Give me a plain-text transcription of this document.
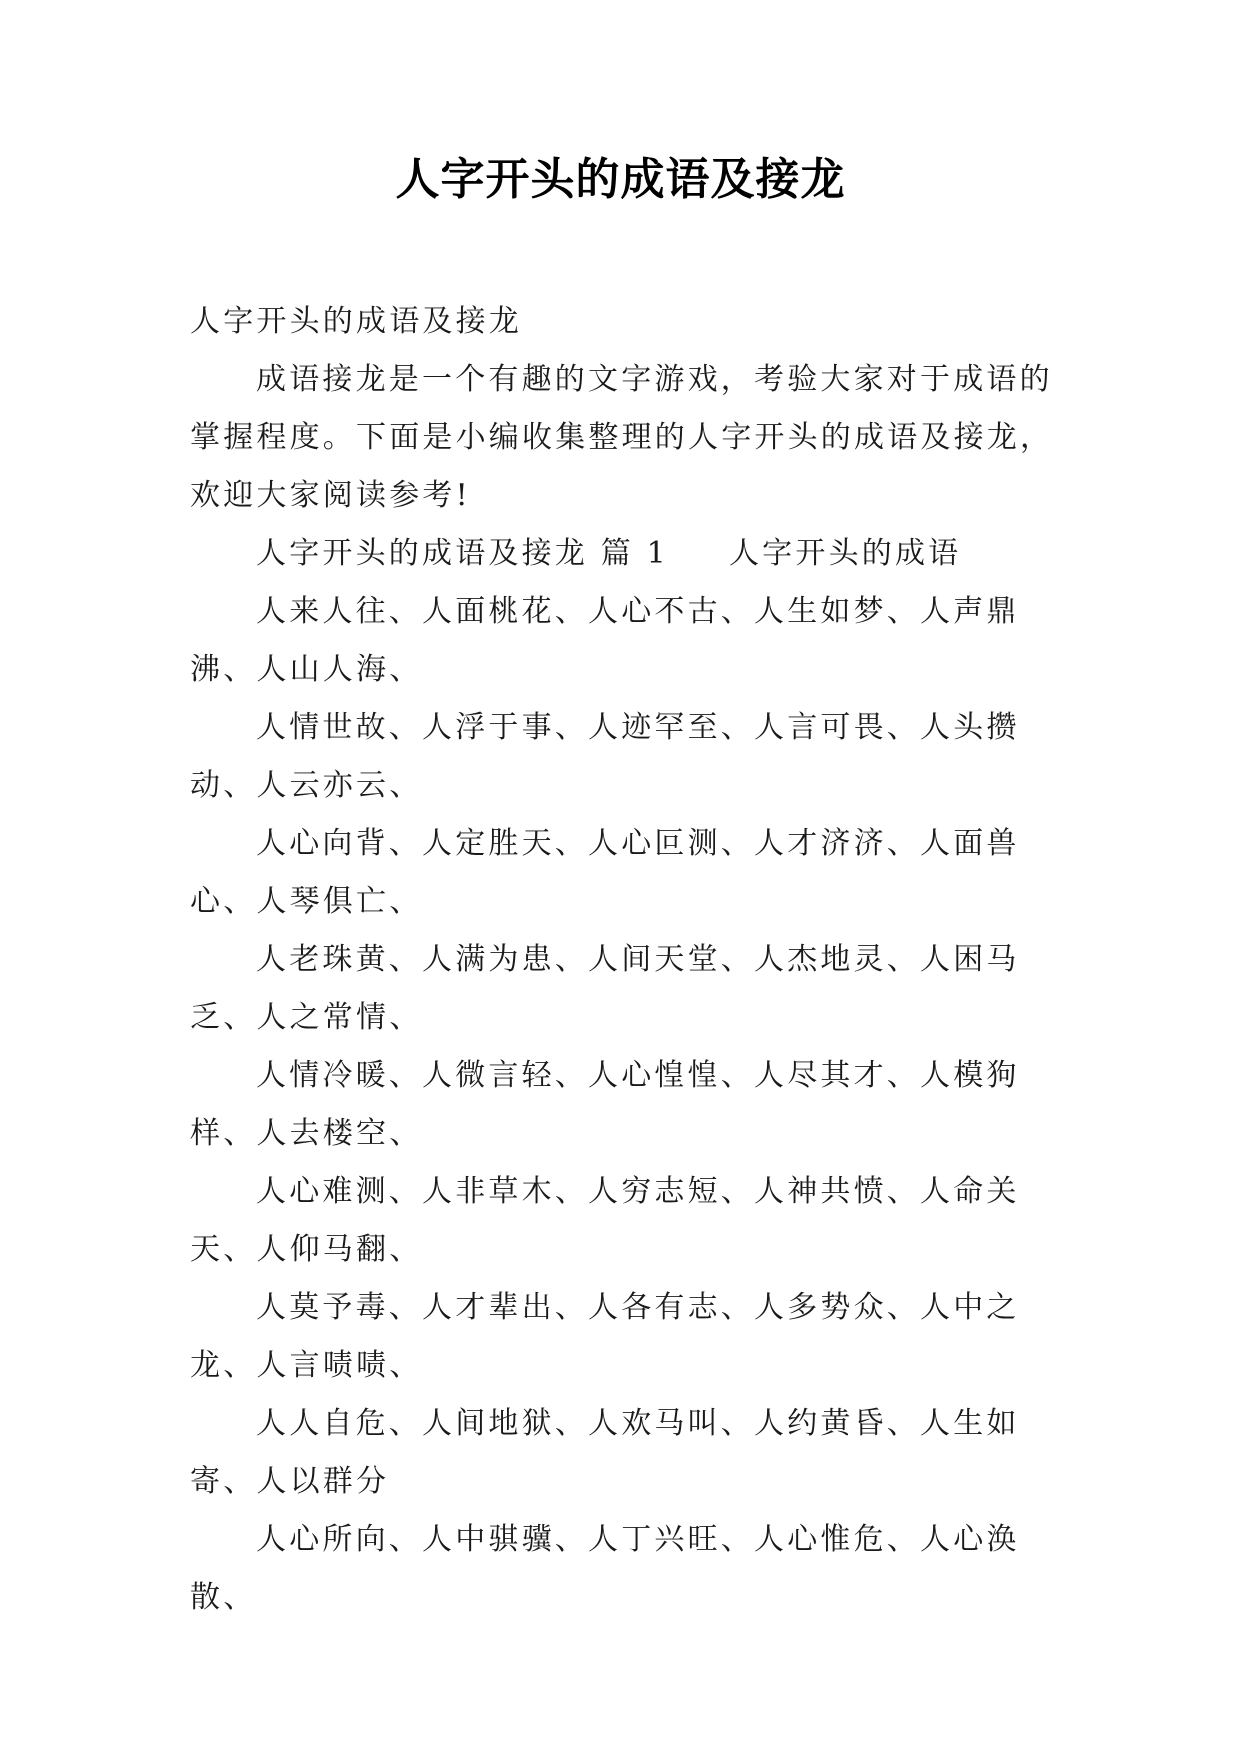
人字开头的成语及接龙

人字开头的成语及接龙

成语接龙是一个有趣的文字游戏，考验大家对于成语的掌握程度。下面是小编收集整理的人字开头的成语及接龙，欢迎大家阅读参考!

人字开头的成语及接龙 篇 1 人字开头的成语

人来人往、人面桃花、人心不古、人生如梦、人声鼎沸、人山人海、

人情世故、人浮于事、人迹罕至、人言可畏、人头攒动、人云亦云、

人心向背、人定胜天、人心叵测、人才济济、人面兽心、人琴俱亡、

人老珠黄、人满为患、人间天堂、人杰地灵、人困马乏、人之常情、

人情冷暖、人微言轻、人心惶惶、人尽其才、人模狗样、人去楼空、

人心难测、人非草木、人穷志短、人神共愤、人命关天、人仰马翻、

人莫予毒、人才辈出、人各有志、人多势众、人中之龙、人言啧啧、

人人自危、人间地狱、人欢马叫、人约黄昏、人生如寄、人以群分

人心所向、人中骐骥、人丁兴旺、人心惟危、人心涣散、
